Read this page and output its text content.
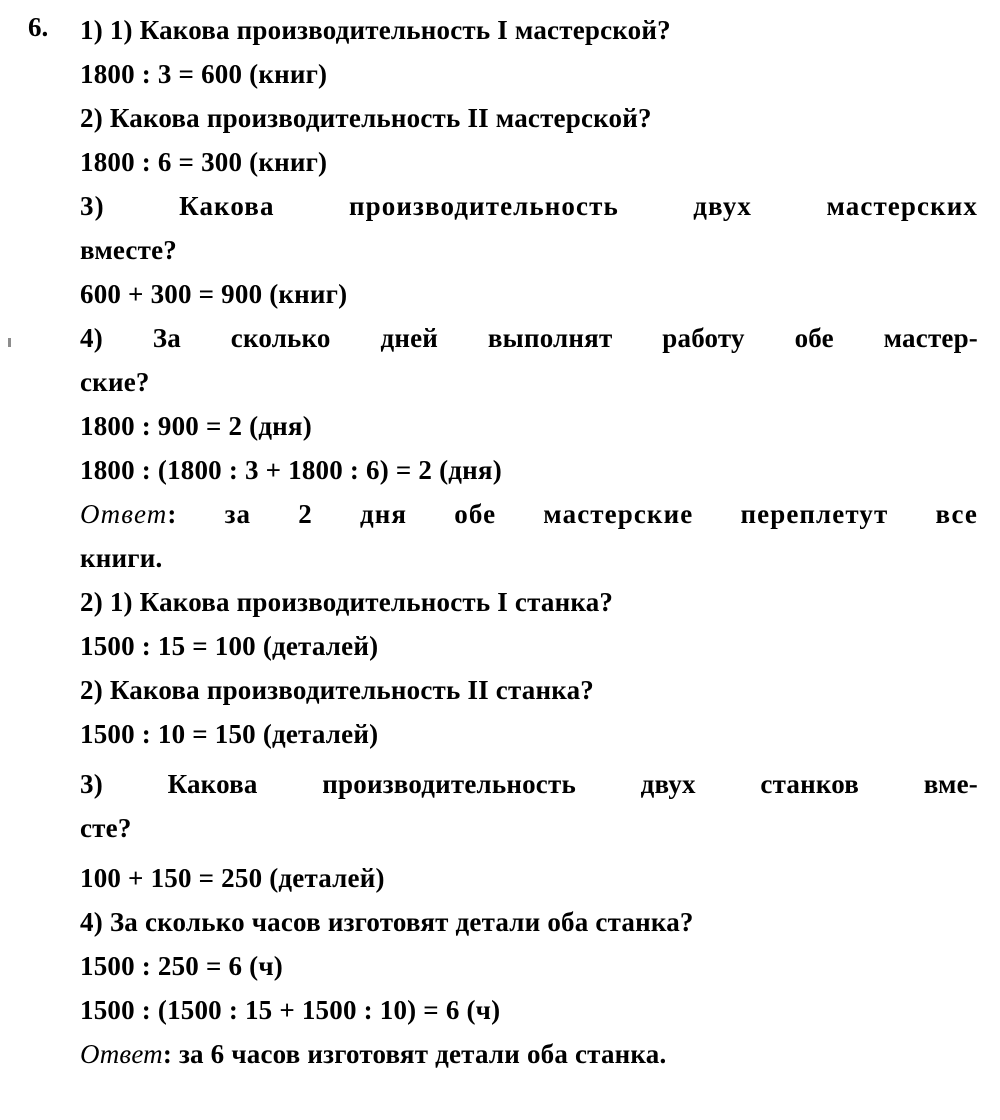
6. 1) 1) Какова производительность I мастерской?
1800 : 3 = 600 (книг)
2) Какова производительность II мастерской?
1800 : 6 = 300 (книг)
3) Какова производительность двух мастерских
вместе?
600 + 300 = 900 (книг)
4) За сколько дней выполнят работу обе мастер-
ские?
1800 : 900 = 2 (дня)
1800 : (1800 : 3 + 1800 : 6) = 2 (дня)
Ответ: за 2 дня обе мастерские переплетут все
книги.
2) 1) Какова производительность I станка?
1500 : 15 = 100 (деталей)
2) Какова производительность II станка?
1500 : 10 = 150 (деталей)
3) Какова производительность двух станков вме-
сте?
100 + 150 = 250 (деталей)
4) За сколько часов изготовят детали оба станка?
1500 : 250 = 6 (ч)
1500 : (1500 : 15 + 1500 : 10) = 6 (ч)
Ответ: за 6 часов изготовят детали оба станка.
